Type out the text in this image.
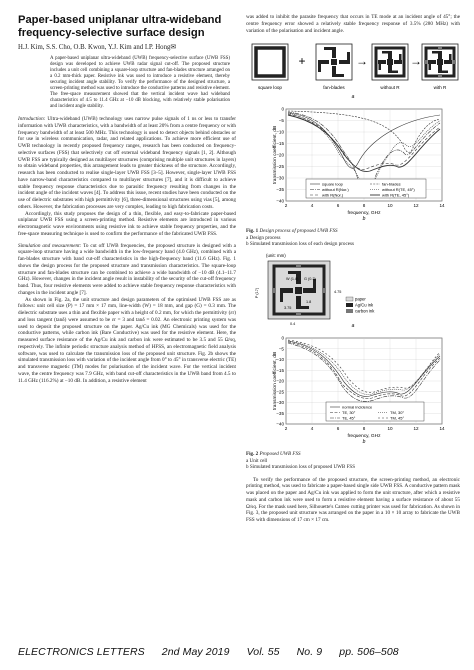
Paper-based uniplanar ultra-wideband frequency-selective surface design
H.J. Kim, S.S. Cho, O.B. Kwon, Y.J. Kim and I.P. Hong✉
A paper-based uniplanar ultra-wideband (UWB) frequency-selective surface (UWB FSS) design was developed to achieve UWB radar signal cut-off. The proposed structure includes a unit cell combining a square-loop structure and fan-blades structure arranged on a 0.2 mm-thick paper. Resistive ink was used to introduce a resistive element, thereby securing incident angle stability. To verify the performance of the designed structure, a screen-printing method was used to introduce the conductive patterns and resistive element. The free-space measurement showed that the vertical incident wave had wideband characteristics of 4.5 to 11.4 GHz at −10 dB blocking, with relatively stable polarisation and incident angle stability.

Introduction: Ultra-wideband (UWB) technology uses narrow pulse signals of 1 ns or less to transfer information with UWB characteristics, with a bandwidth of at least 20% from a centre frequency or with frequency bandwidth of at least 500 MHz. This technology is used to detect objects behind obstacles or for use in wireless communication, radar, and related applications. To achieve more efficient use of UWB technology in recently proposed frequency ranges, research has been conducted on frequency-selective surfaces (FSS) that selectively cut off external wideband frequency signals [1, 2]. Although UWB FSS are typically designed as multilayer structures (comprising multiple unit structures in layers) to obtain wideband properties, this arrangement leads to greater thickness of the structure. Accordingly, research has been conducted to realise single-layer UWB FSS [3–5]. However, single-layer UWB FSS have narrow-band characteristics compared to multilayer structures [7], and it is difficult to achieve stable frequency response characteristics due to parasitic frequency resulting from changes in the incident angle of the incident waves [4]. To address this issue, recent studies have been conducted on the use of dielectric substrates with high permittivity [6], three-dimensional structures using vias [5], among others. However, the fabrication processes are very complex, leading to high fabrication costs.

Accordingly, this study proposes the design of a thin, flexible, and easy-to-fabricate paper-based uniplanar UWB FSS using a screen-printing method. Resistive elements are introduced in various electromagnetic wave environments using resistive ink to achieve stable frequency properties, and the free-space measuring technique is used to confirm the performance of the fabricated UWB FSS.

Simulation and measurement: To cut off UWB frequencies, the proposed structure is designed with a square-loop structure having a wide bandwidth in the low-frequency band (4.0 GHz), combined with a fan-blades structure with band cut-off characteristics in the high-frequency band (11.6 GHz). Fig. 1 shows the design process for the proposed structure and transmission characteristics. The square-loop structure and fan-blades structure can be combined to achieve a wide bandwidth of −10 dB (4.1–11.7 GHz). However, changes in the incident angle result in instability of the security of the cut-off frequency band. Thus, four resistive elements were added to achieve stable frequency response characteristics with changes in the incident angle [7].

As shown in Fig. 2a, the unit structure and design parameters of the optimised UWB FSS are as follows: unit cell size (P) = 17 mm × 17 mm, line-width (W) = 18 mm, and gap (G) = 0.3 mm. The dielectric substrate uses a thin and flexible paper with a height of 0.2 mm, for which the permittivity (εr) and loss tangent (tanδ) were assumed to be εr = 3 and tanδ = 0.02. An electronic printing system was used to deposit the proposed structure on the paper. Ag/Cu ink (MG Chemicals) was used for the conductive patterns, while carbon ink (Bare Conductive) was used for the resistive element. Here, the measured surface resistance of the Ag/Cu ink and carbon ink were estimated to be 3.5 and 55 Ω/sq, respectively. The infinite periodic structure analysis method of HFSS, an electromagnetic field analysis software, was used to calculate the transmission loss of the proposed unit structure. Fig. 2b shows the simulated transmission loss with variation of the incident angle from 0° to 45° in transverse electric (TE) and transverse magnetic (TM) modes for polarisation of the incident wave. For the vertical incident wave, the centre frequency was 7.9 GHz, with band cut-off characteristics in the UWB band from 4.5 to 11.4 GHz (116.2%) at −10 dB. In addition, a resistive element

was added to inhibit the parasite frequency that occurs in TE mode at an incident angle of 45°; the centre frequency error showed a relatively stable frequency response of 3.5% (280 MHz) with variation of the polarisation and incident angle.

+	→	→
square loop	fan-blades	without R	with R
a

0
−5
−10
−15
−20
−25
−30
−35
−40
2	4	6	8	10	12	14
transmission coefficient, dB
frequency, GHz
square loop	fan-blades
without R(Nor.)	without R(TE, 45°)
with R(Nor.)	with R(TE, 45°)
b
Fig. 1 Design process of proposed UWB FSS
a Design process
b Simulated transmission loss of each design process
(unit: mm)
P (17)
W (1.8) G (0.3)
1.8
3.75
4.75
0.4
paper
Ag/Cu ink
carbon ink
a

0
−5
−10
−15
−20
−25
−30
−35
−40
2	4	6	8	10	12	14
transmission coefficient, dB
frequency, GHz
normal incidence
TE, 30°	TM, 30°
TE, 45°	TM, 45°
b
Fig. 2 Proposed UWB FSS
a Unit cell
b Simulated transmission loss of proposed UWB FSS

To verify the performance of the proposed structure, the screen-printing method, an electronic printing method, was used to fabricate a paper-based single side UWB FSS. A conductive pattern mask was placed on the paper and Ag/Cu ink was applied to form the unit structure, after which a resistive mask and carbon ink were used to form a resistive element having a surface resistance of about 55 Ω/sq. For the mask used here, Silhouette's Cameo cutting printer was used for fabrication. As shown in Fig. 3, the proposed unit structure was arranged on the paper in a 10 × 10 array to fabricate the UWB FSS with dimensions of 17 cm × 17 cm.

ELECTRONICS LETTERS 2nd May 2019 Vol. 55 No. 9 pp. 506–508
